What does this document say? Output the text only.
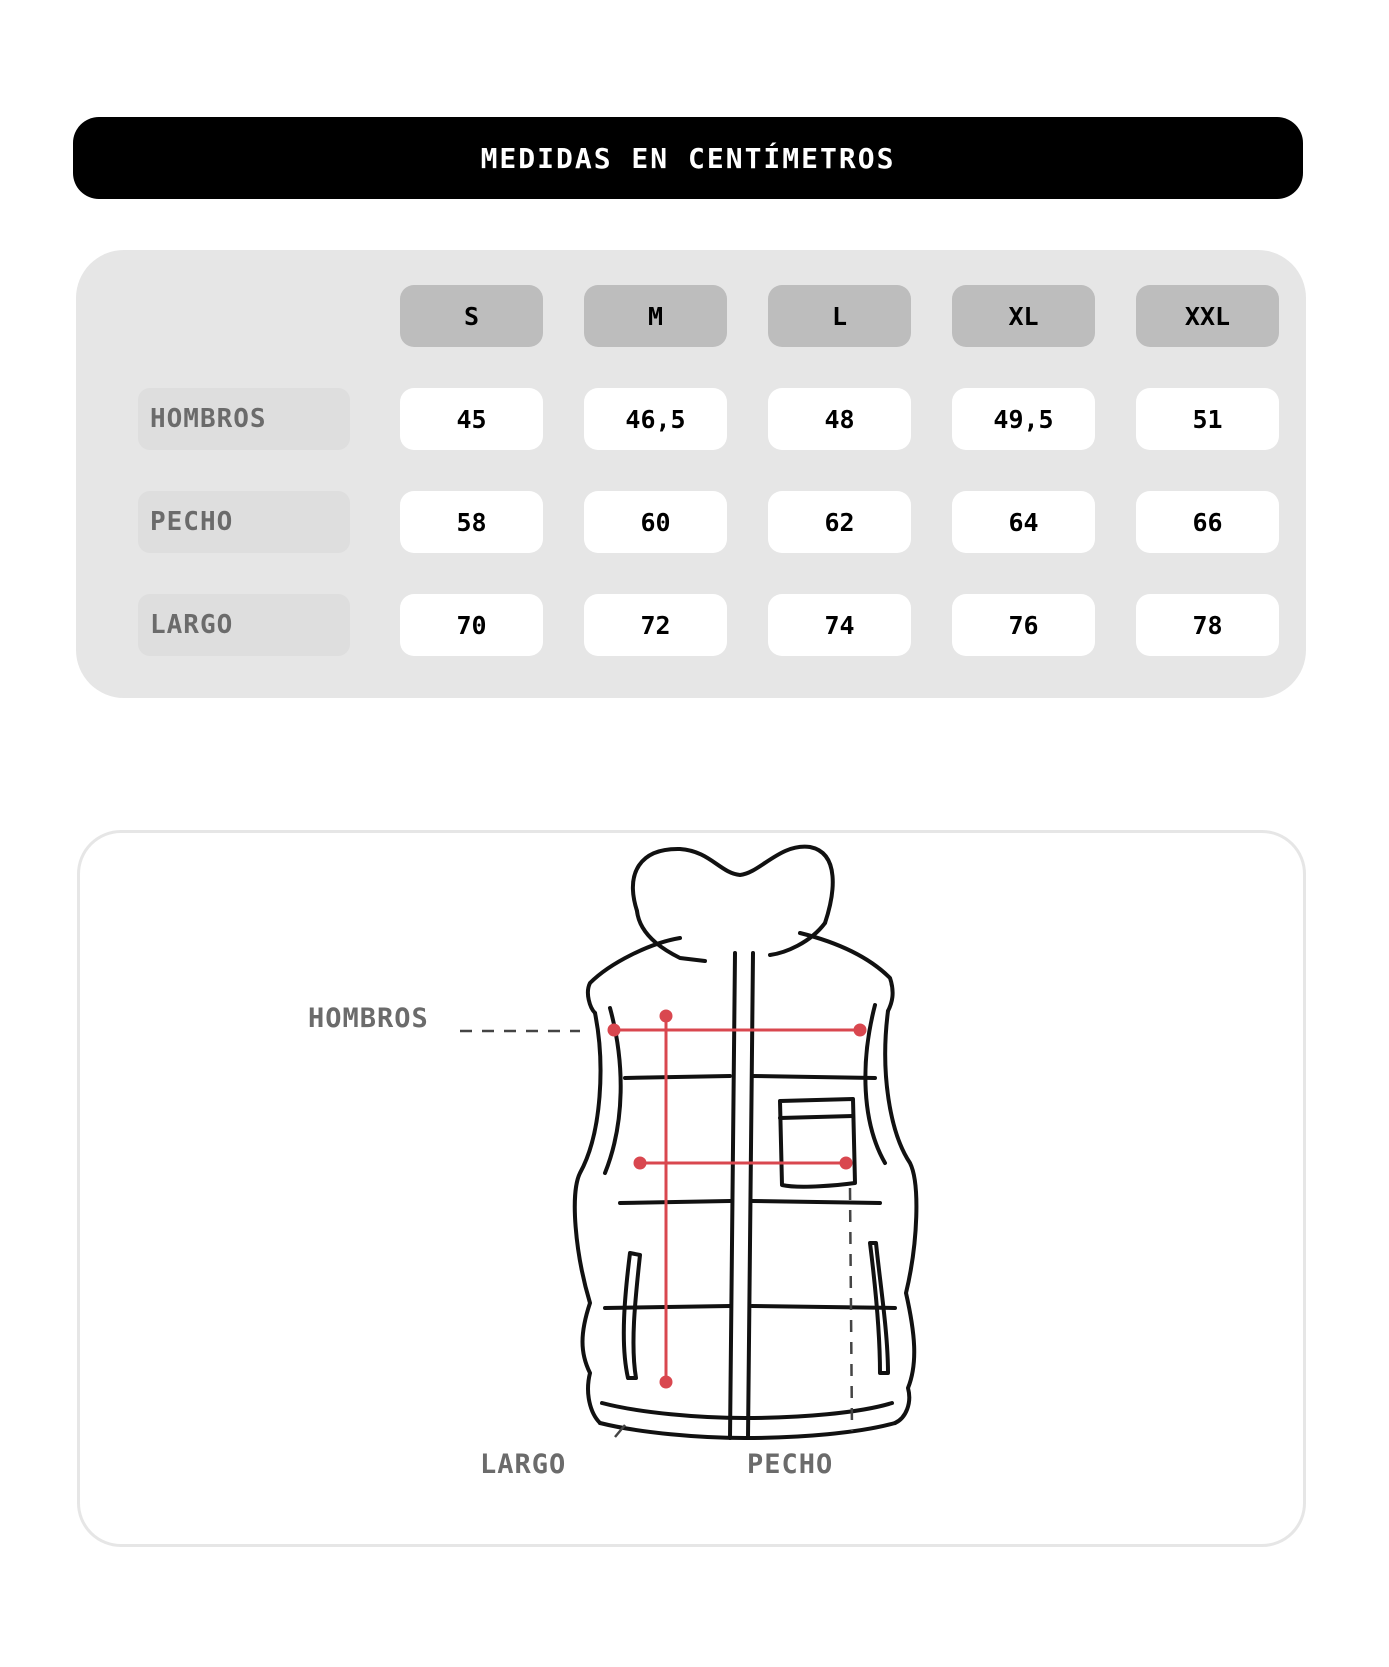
MEDIDAS EN CENTÍMETROS
S	M	L	XL	XXL
HOMBROS	45	46,5	48	49,5	51
PECHO	58	60	62	64	66
LARGO	70	72	74	76	78
HOMBROS
LARGO	PECHO
